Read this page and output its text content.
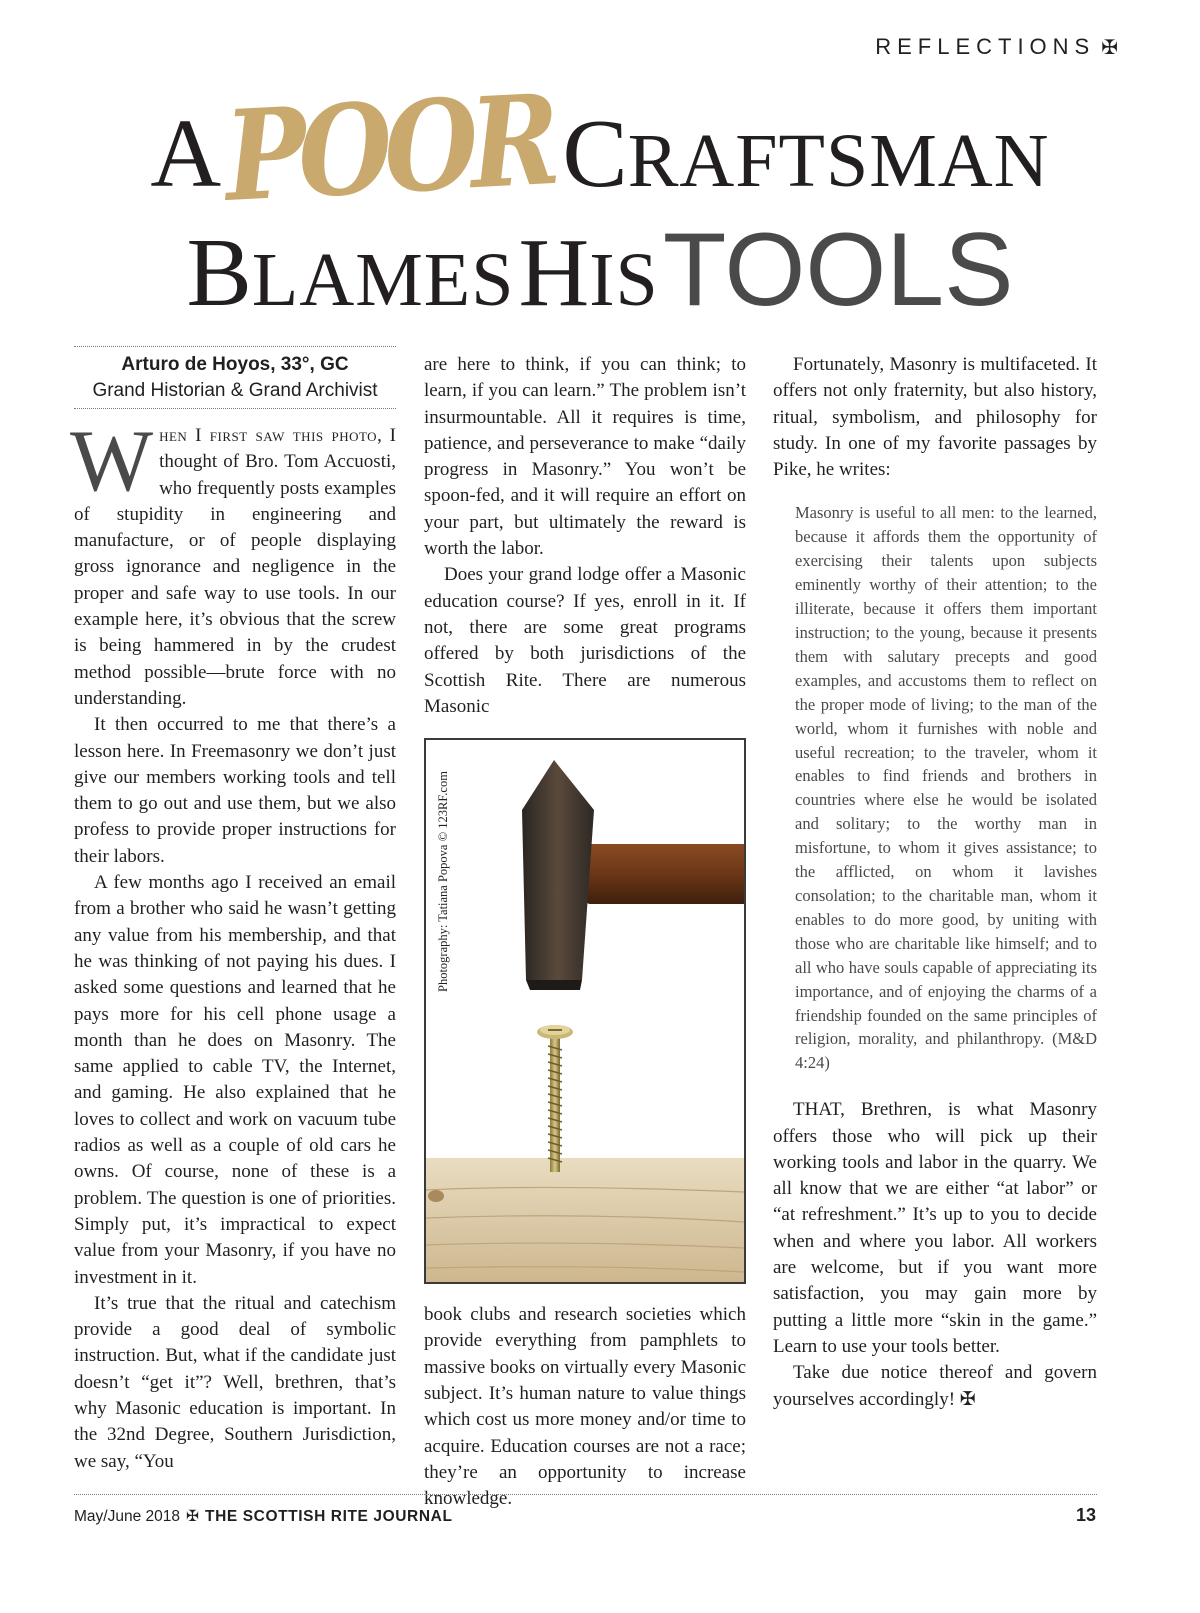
REFLECTIONS ✠
APOORCRAFTSMAN
BLAMES HIS TOOLS
Arturo de Hoyos, 33°, GC
Grand Historian & Grand Archivist

When I first saw this photo, I thought of Bro. Tom Accuosti, who frequently posts examples of stupidity in engineering and manufacture, or of people displaying gross ignorance and negligence in the proper and safe way to use tools. In our example here, it’s obvious that the screw is being hammered in by the crudest method possible—brute force with no understanding.

It then occurred to me that there’s a lesson here. In Freemasonry we don’t just give our members working tools and tell them to go out and use them, but we also profess to provide proper instructions for their labors.

A few months ago I received an email from a brother who said he wasn’t getting any value from his membership, and that he was thinking of not paying his dues. I asked some questions and learned that he pays more for his cell phone usage a month than he does on Masonry. The same applied to cable TV, the Internet, and gaming. He also explained that he loves to collect and work on vacuum tube radios as well as a couple of old cars he owns. Of course, none of these is a problem. The question is one of priorities. Simply put, it’s impractical to expect value from your Masonry, if you have no investment in it.

It’s true that the ritual and catechism provide a good deal of symbolic instruction. But, what if the candidate just doesn’t “get it”? Well, brethren, that’s why Masonic education is important. In the 32nd Degree, Southern Jurisdiction, we say, “You

are here to think, if you can think; to learn, if you can learn.” The problem isn’t insurmountable. All it requires is time, patience, and perseverance to make “daily progress in Masonry.” You won’t be spoon-fed, and it will require an effort on your part, but ultimately the reward is worth the labor.

Does your grand lodge offer a Masonic education course? If yes, enroll in it. If not, there are some great programs offered by both jurisdictions of the Scottish Rite. There are numerous Masonic

Photography: Tatiana Popova © 123RF.com

book clubs and research societies which provide everything from pamphlets to massive books on virtually every Masonic subject. It’s human nature to value things which cost us more money and/or time to acquire. Education courses are not a race; they’re an opportunity to increase knowledge.

Fortunately, Masonry is multifaceted. It offers not only fraternity, but also history, ritual, symbolism, and philosophy for study. In one of my favorite passages by Pike, he writes:

Masonry is useful to all men: to the learned, because it affords them the opportunity of exercising their talents upon subjects eminently worthy of their attention; to the illiterate, because it offers them important instruction; to the young, because it presents them with salutary precepts and good examples, and accustoms them to reflect on the proper mode of living; to the man of the world, whom it furnishes with noble and useful recreation; to the traveler, whom it enables to find friends and brothers in countries where else he would be isolated and solitary; to the worthy man in misfortune, to whom it gives assistance; to the afflicted, on whom it lavishes consolation; to the charitable man, whom it enables to do more good, by uniting with those who are charitable like himself; and to all who have souls capable of appreciating its importance, and of enjoying the charms of a friendship founded on the same principles of religion, morality, and philanthropy. (M&D 4:24)

THAT, Brethren, is what Masonry offers those who will pick up their working tools and labor in the quarry. We all know that we are either “at labor” or “at refreshment.” It’s up to you to decide when and where you labor. All workers are welcome, but if you want more satisfaction, you may gain more by putting a little more “skin in the game.” Learn to use your tools better.

Take due notice thereof and govern yourselves accordingly! ✠

May/June 2018 ✠ THE SCOTTISH RITE JOURNAL	13
